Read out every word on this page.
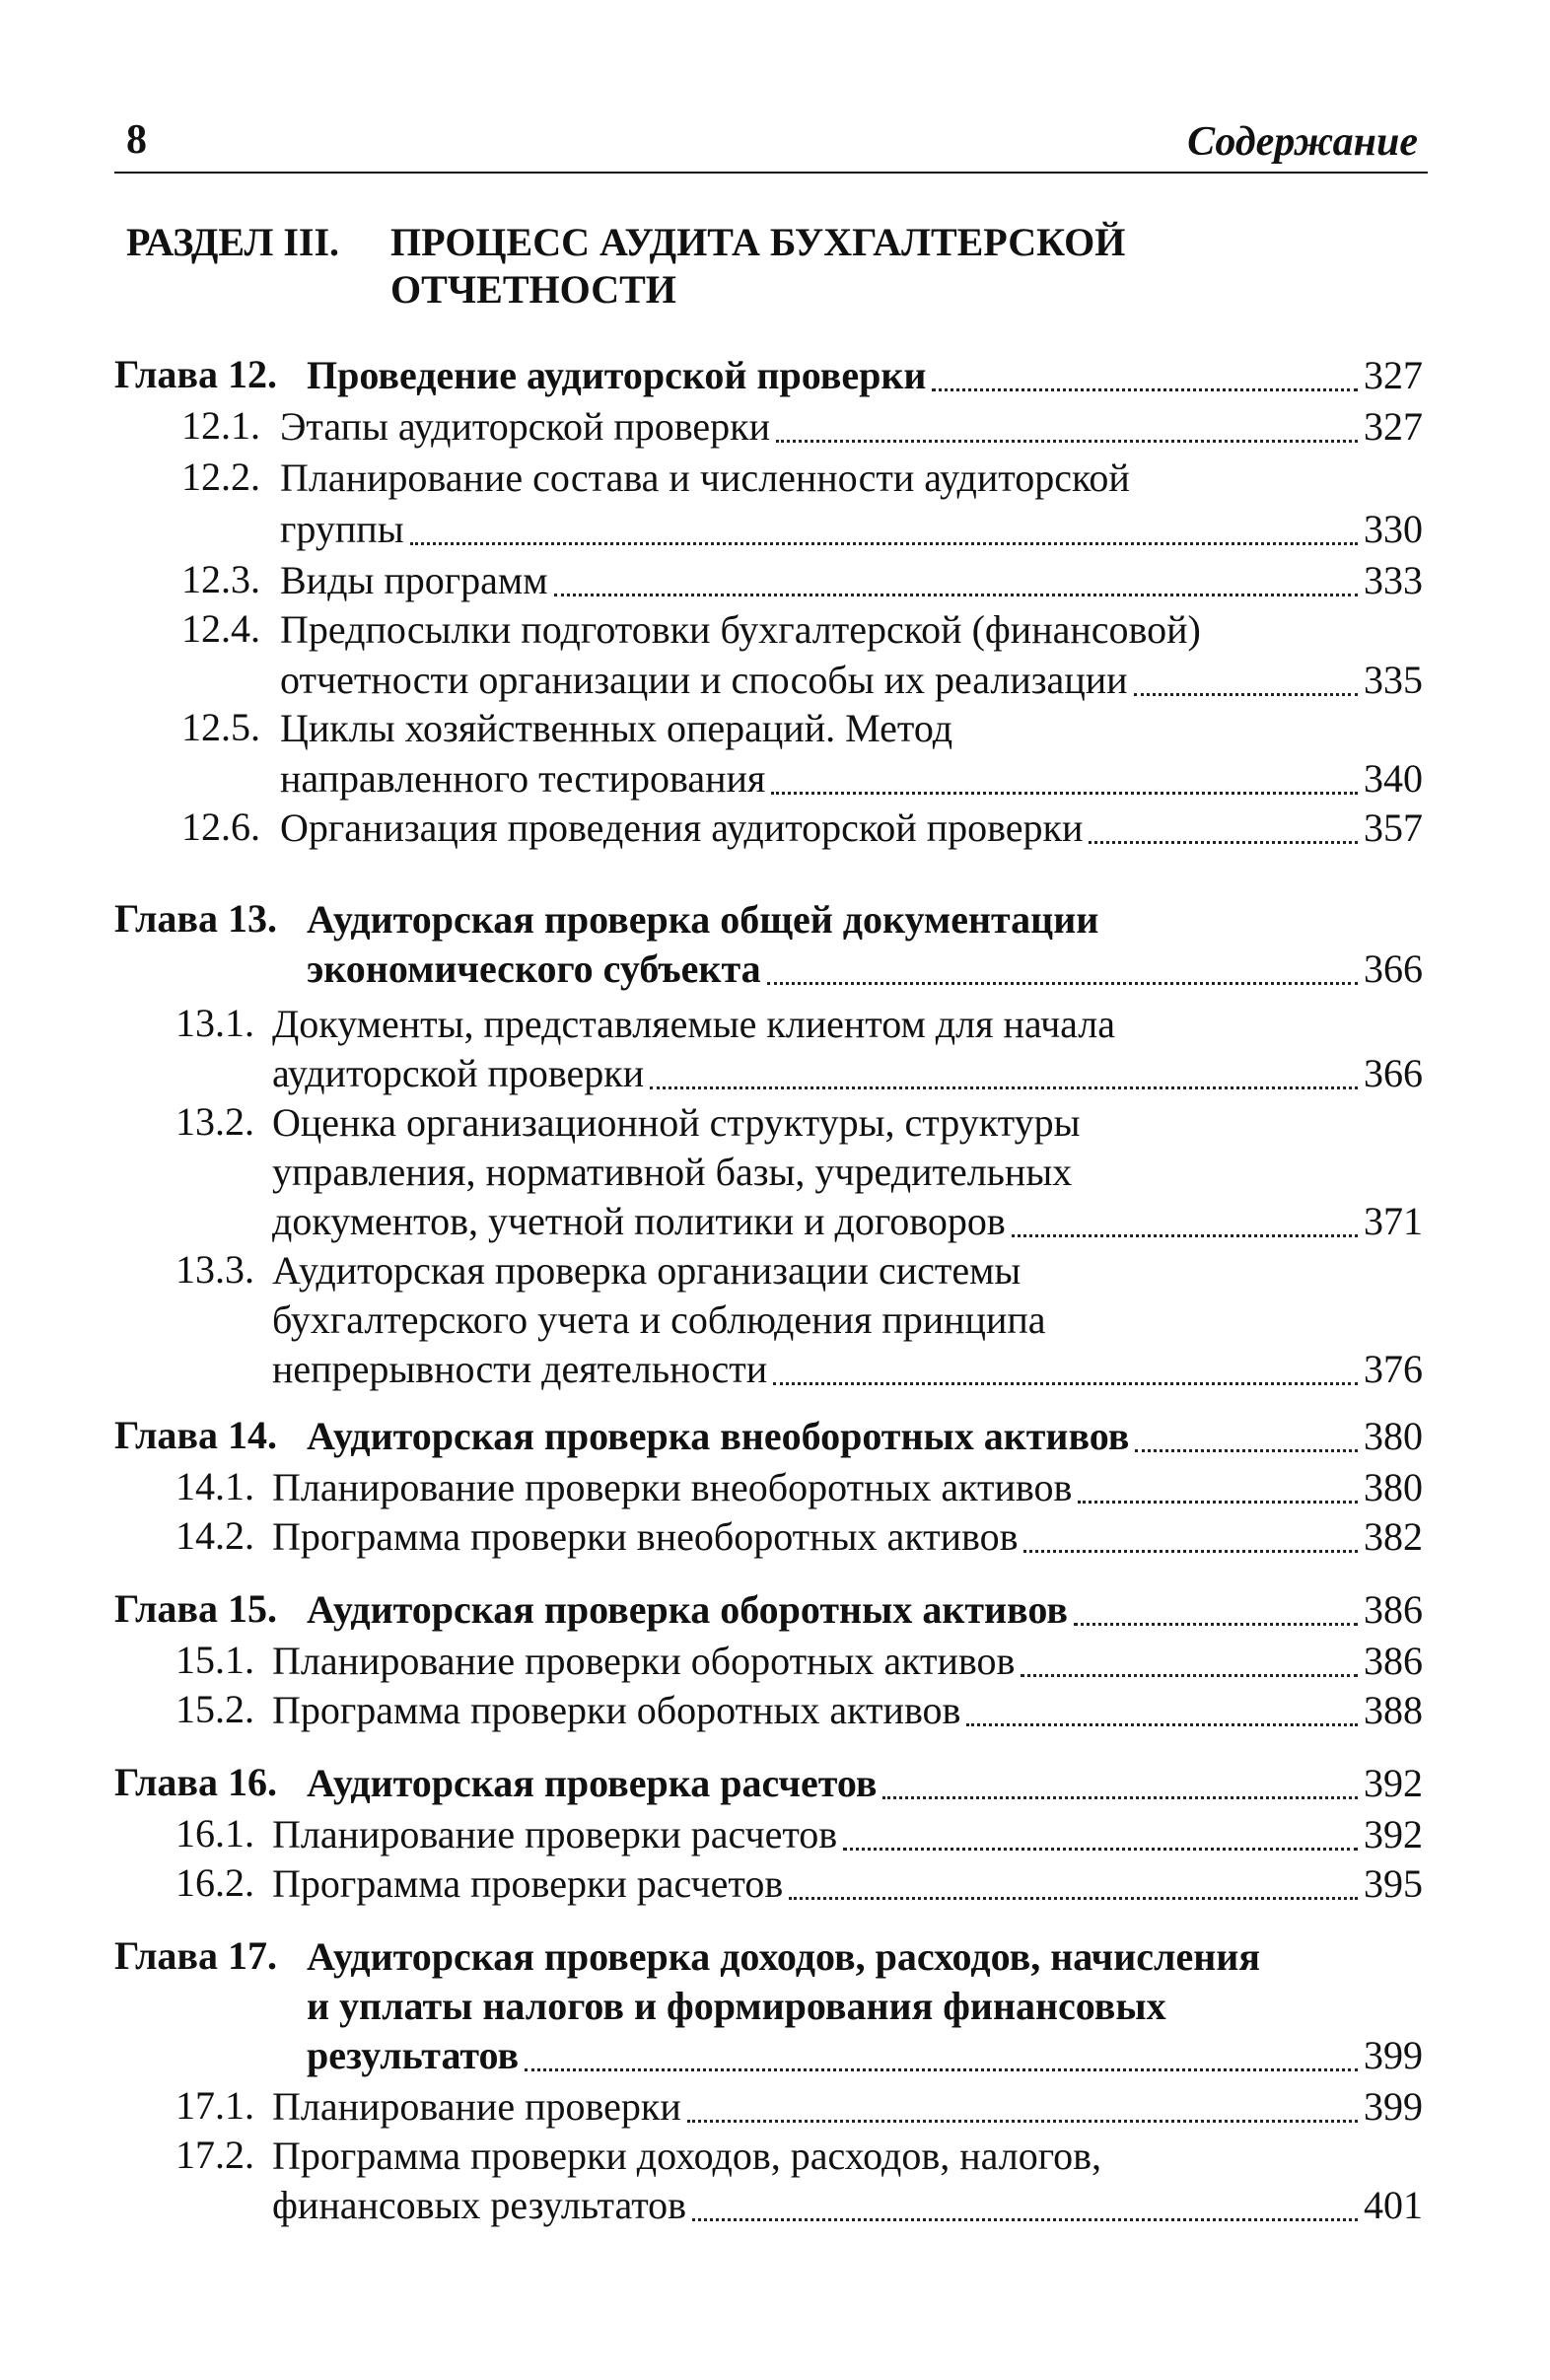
8	Содержание
РАЗДЕЛ III. ПРОЦЕСС АУДИТА БУХГАЛТЕРСКОЙ ОТЧЕТНОСТИ
Глава 12. Проведение аудиторской проверки	327
12.1. Этапы аудиторской проверки	327
12.2. Планирование состава и численности аудиторской
группы	330
12.3. Виды программ	333
12.4. Предпосылки подготовки бухгалтерской (финансовой)
отчетности организации и способы их реализации	335
12.5. Циклы хозяйственных операций. Метод
направленного тестирования	340
12.6. Организация проведения аудиторской проверки	357
Глава 13. Аудиторская проверка общей документации
экономического субъекта	366
13.1. Документы, представляемые клиентом для начала
аудиторской проверки	366
13.2. Оценка организационной структуры, структуры
управления, нормативной базы, учредительных
документов, учетной политики и договоров	371
13.3. Аудиторская проверка организации системы
бухгалтерского учета и соблюдения принципа
непрерывности деятельности	376
Глава 14. Аудиторская проверка внеоборотных активов	380
14.1. Планирование проверки внеоборотных активов	380
14.2. Программа проверки внеоборотных активов	382
Глава 15. Аудиторская проверка оборотных активов	386
15.1. Планирование проверки оборотных активов	386
15.2. Программа проверки оборотных активов	388
Глава 16. Аудиторская проверка расчетов	392
16.1. Планирование проверки расчетов	392
16.2. Программа проверки расчетов	395
Глава 17. Аудиторская проверка доходов, расходов, начисления
и уплаты налогов и формирования финансовых
результатов	399
17.1. Планирование проверки	399
17.2. Программа проверки доходов, расходов, налогов,
финансовых результатов	401
